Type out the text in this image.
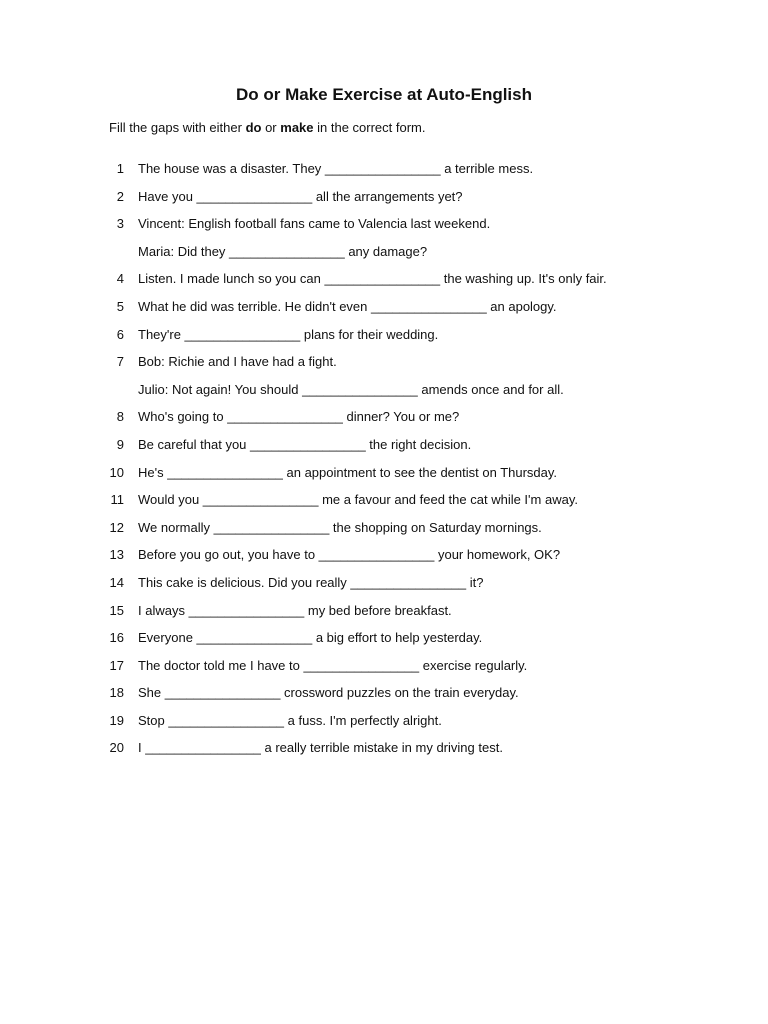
Do or Make Exercise at Auto-English
Fill the gaps with either do or make in the correct form.
1 The house was a disaster. They ________________ a terrible mess.
2 Have you ________________ all the arrangements yet?
3 Vincent: English football fans came to Valencia last weekend.
Maria: Did they ________________ any damage?
4 Listen. I made lunch so you can ________________ the washing up. It's only fair.
5 What he did was terrible. He didn't even ________________ an apology.
6 They're ________________ plans for their wedding.
7 Bob: Richie and I have had a fight.
Julio: Not again! You should ________________ amends once and for all.
8 Who's going to ________________ dinner? You or me?
9 Be careful that you ________________ the right decision.
10 He's ________________ an appointment to see the dentist on Thursday.
11 Would you ________________ me a favour and feed the cat while I'm away.
12 We normally ________________ the shopping on Saturday mornings.
13 Before you go out, you have to ________________ your homework, OK?
14 This cake is delicious. Did you really ________________ it?
15 I always ________________ my bed before breakfast.
16 Everyone ________________ a big effort to help yesterday.
17 The doctor told me I have to ________________ exercise regularly.
18 She ________________ crossword puzzles on the train everyday.
19 Stop ________________ a fuss. I'm perfectly alright.
20 I ________________ a really terrible mistake in my driving test.
